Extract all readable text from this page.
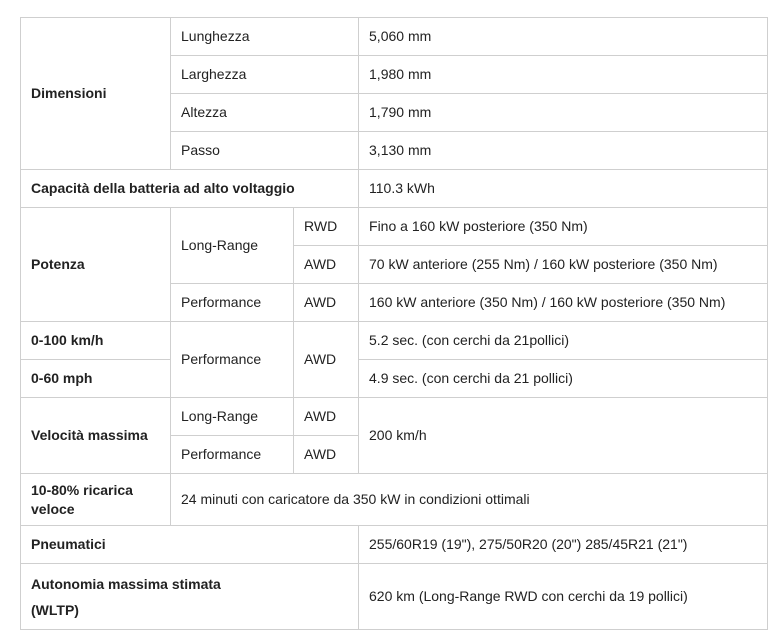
Dimensioni	Lunghezza		5,060 mm
	Larghezza		1,980 mm
	Altezza		1,790 mm
	Passo		3,130 mm
Capacità della batteria ad alto voltaggio			110.3 kWh
Potenza	Long-Range	RWD	Fino a 160 kW posteriore (350 Nm)
		AWD	70 kW anteriore (255 Nm) / 160 kW posteriore (350 Nm)
	Performance	AWD	160 kW anteriore (350 Nm) / 160 kW posteriore (350 Nm)
0-100 km/h	Performance	AWD	5.2 sec. (con cerchi da 21pollici)
0-60 mph			4.9 sec. (con cerchi da 21 pollici)
Velocità massima	Long-Range	AWD	200 km/h
	Performance	AWD	
10-80% ricarica veloce	24 minuti con caricatore da 350 kW in condizioni ottimali		
Pneumatici			255/60R19 (19"), 275/50R20 (20") 285/45R21 (21")
Autonomia massima stimata (WLTP)			620 km (Long-Range RWD con cerchi da 19 pollici)
